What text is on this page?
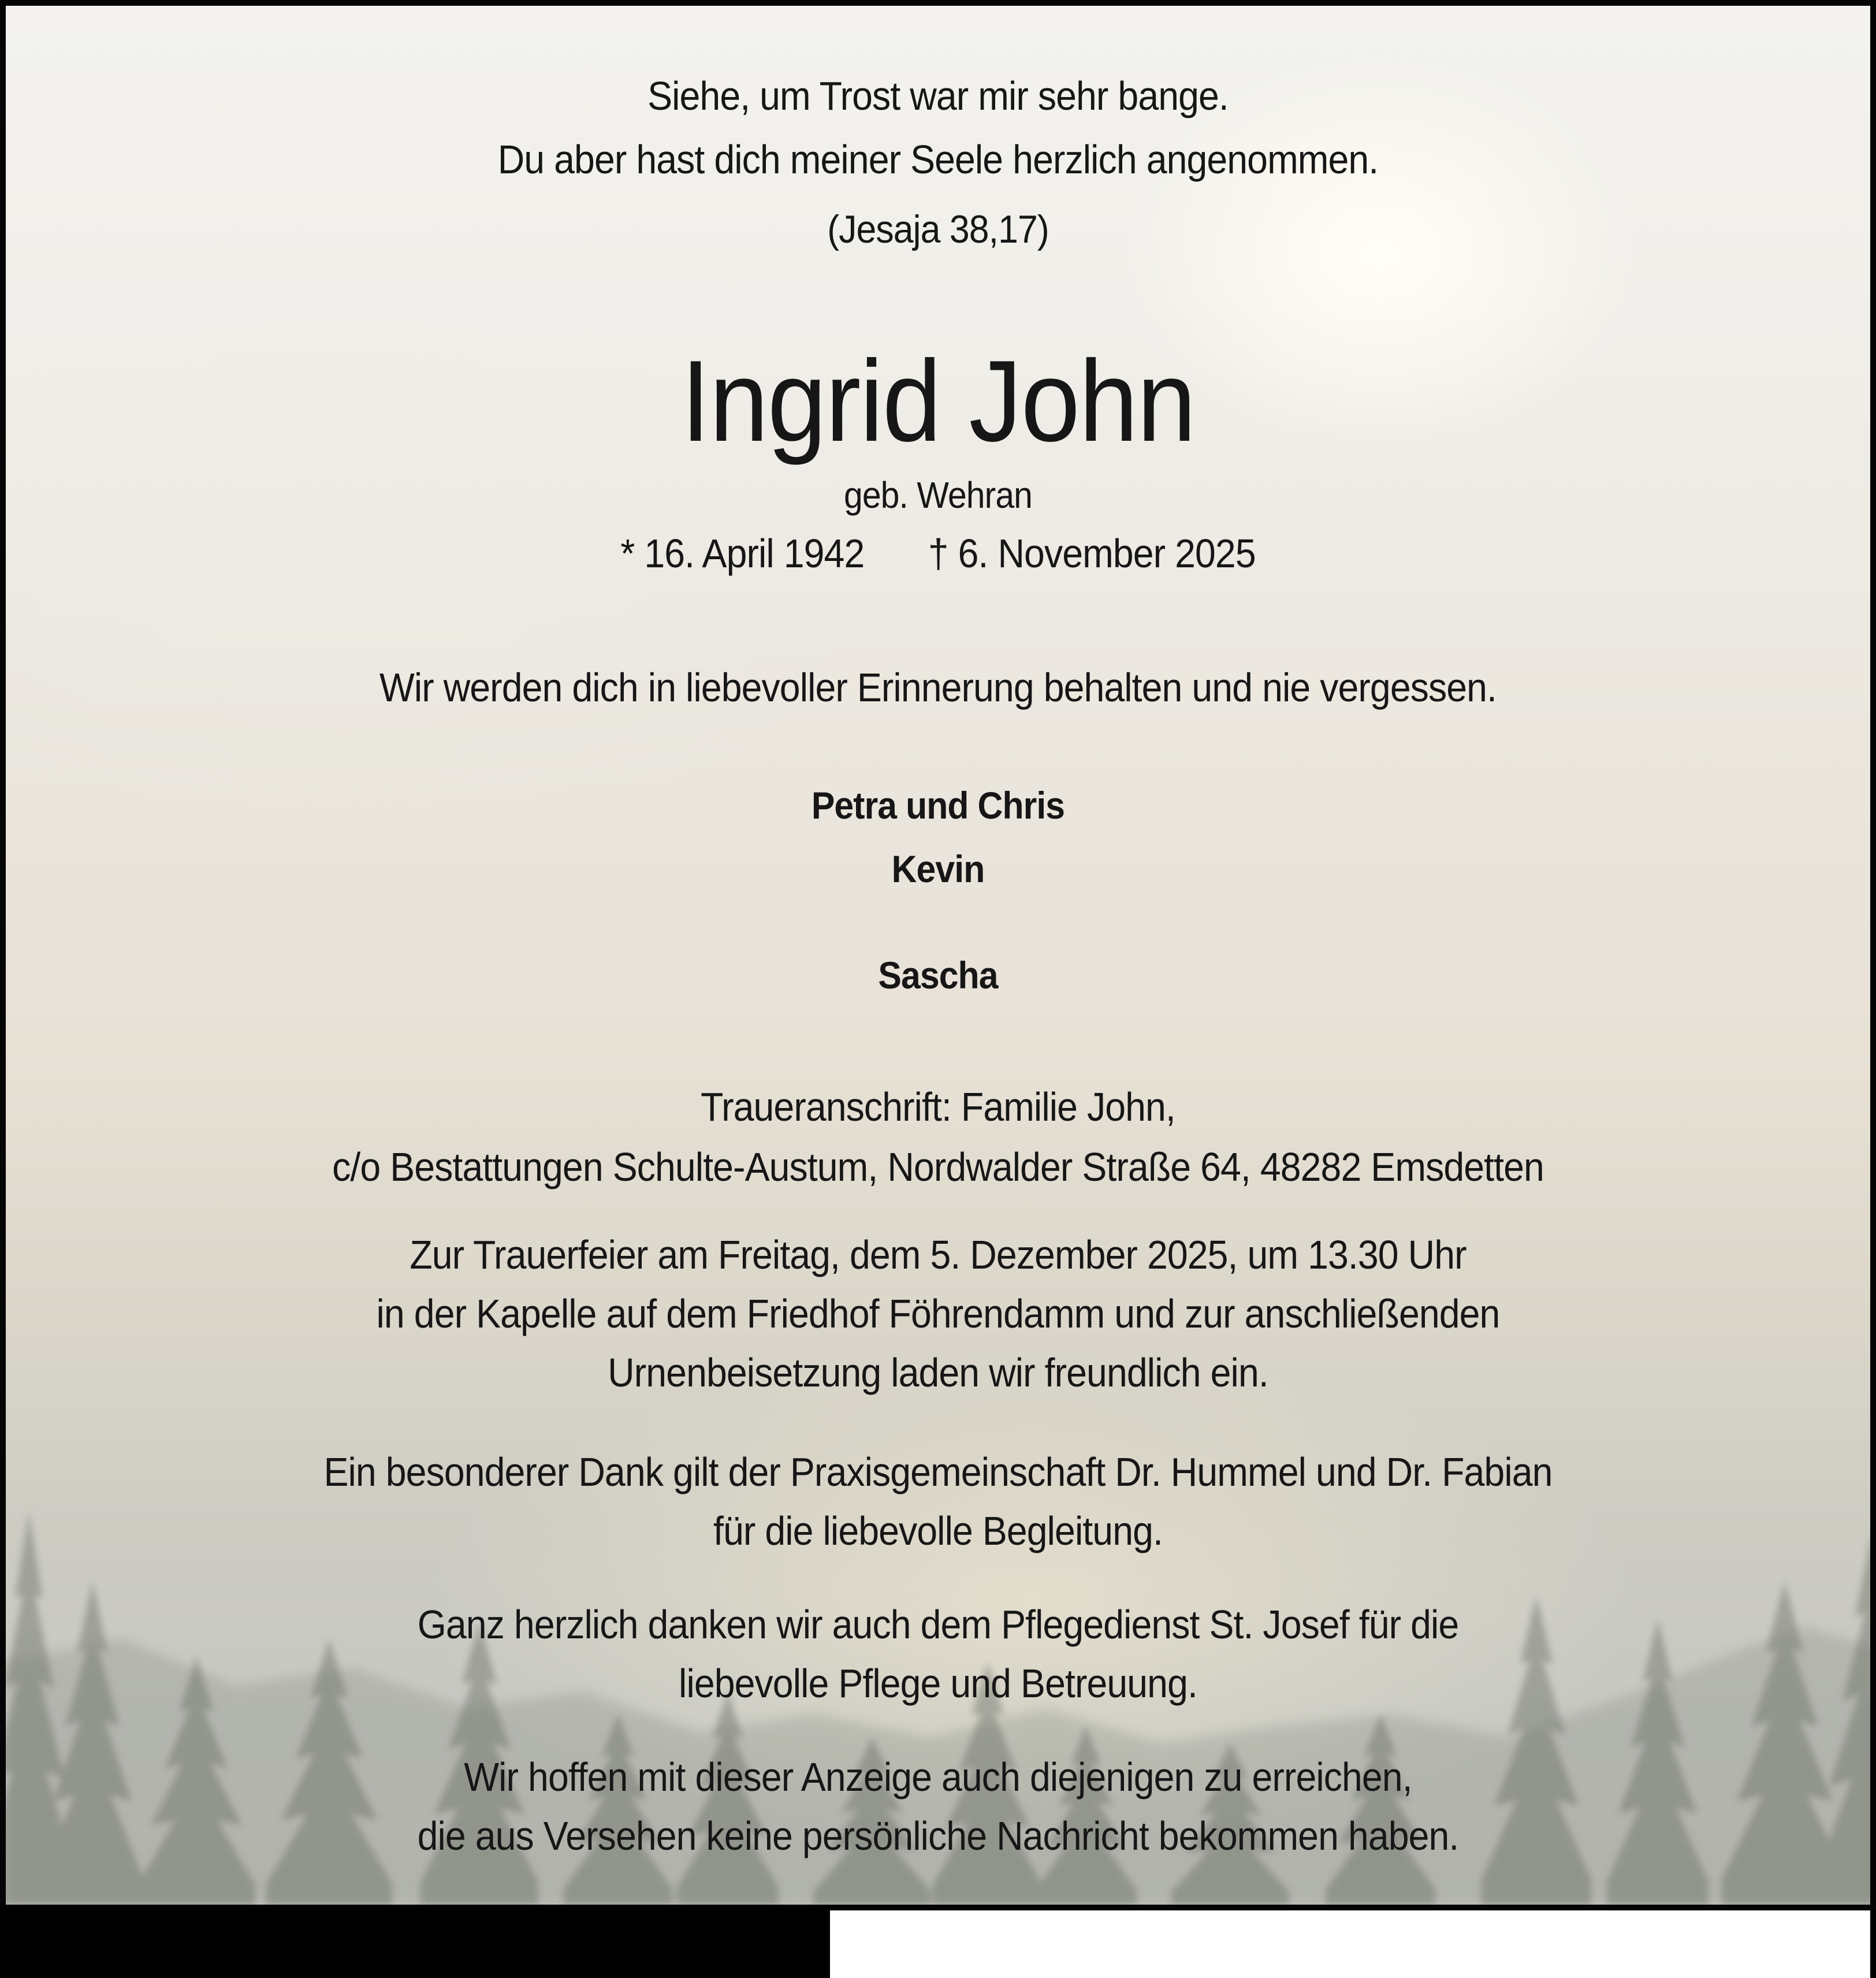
Siehe, um Trost war mir sehr bange.
Du aber hast dich meiner Seele herzlich angenommen.
(Jesaja 38,17)
Ingrid John
geb. Wehran
* 16. April 1942 † 6. November 2025
Wir werden dich in liebevoller Erinnerung behalten und nie vergessen.
Petra und Chris
Kevin
Sascha
Traueranschrift: Familie John,
c/o Bestattungen Schulte-Austum, Nordwalder Straße 64, 48282 Emsdetten
Zur Trauerfeier am Freitag, dem 5. Dezember 2025, um 13.30 Uhr
in der Kapelle auf dem Friedhof Föhrendamm und zur anschließenden
Urnenbeisetzung laden wir freundlich ein.
Ein besonderer Dank gilt der Praxisgemeinschaft Dr. Hummel und Dr. Fabian
für die liebevolle Begleitung.
Ganz herzlich danken wir auch dem Pflegedienst St. Josef für die
liebevolle Pflege und Betreuung.
Wir hoffen mit dieser Anzeige auch diejenigen zu erreichen,
die aus Versehen keine persönliche Nachricht bekommen haben.
